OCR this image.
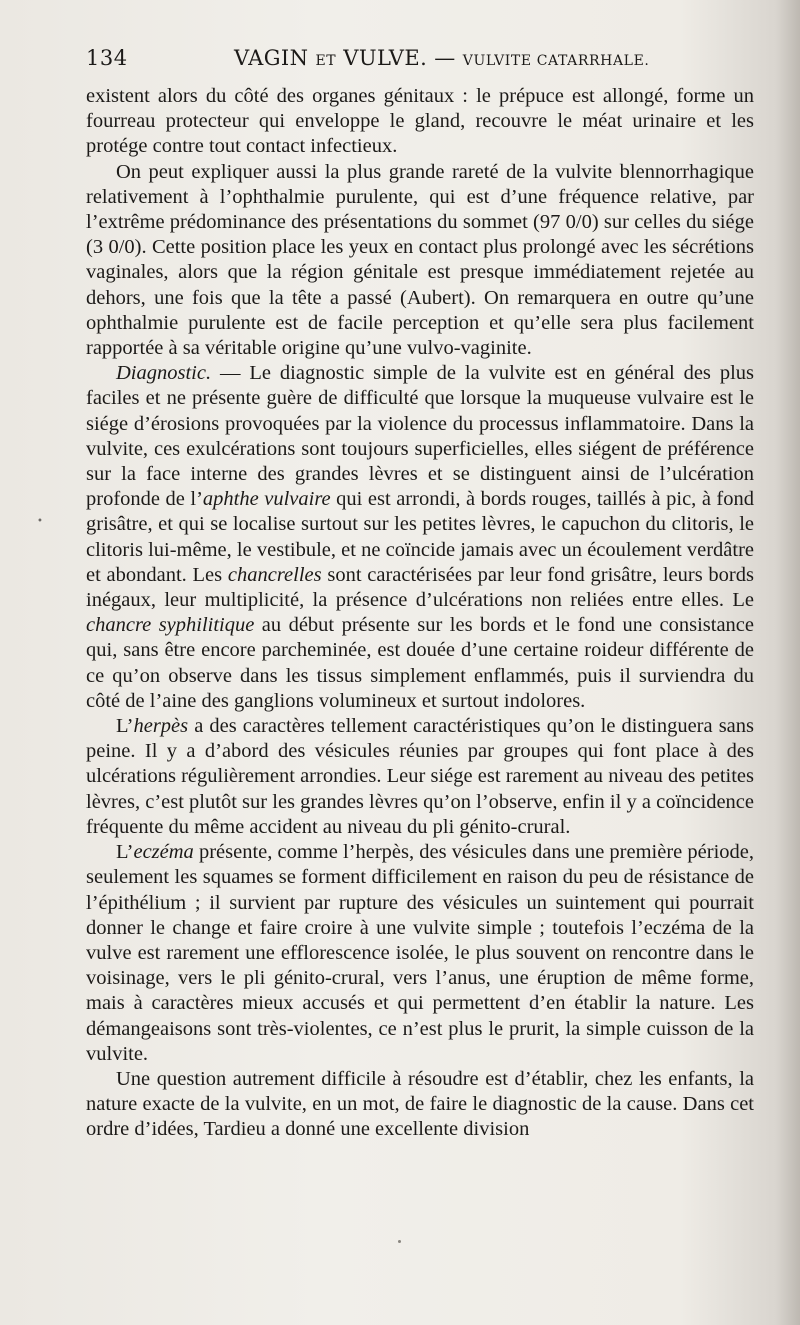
134	VAGIN ET VULVE. — VULVITE CATARRHALE.

existent alors du côté des organes génitaux : le prépuce est allongé, forme un fourreau protecteur qui enveloppe le gland, recouvre le méat urinaire et les protége contre tout contact infectieux.

On peut expliquer aussi la plus grande rareté de la vulvite blennorrhagique relativement à l’ophthalmie purulente, qui est d’une fréquence relative, par l’extrême prédominance des présentations du sommet (97 0/0) sur celles du siége (3 0/0). Cette position place les yeux en contact plus prolongé avec les sécrétions vaginales, alors que la région génitale est presque immédiatement rejetée au dehors, une fois que la tête a passé (Aubert). On remarquera en outre qu’une ophthalmie purulente est de facile perception et qu’elle sera plus facilement rapportée à sa véritable origine qu’une vulvo-vaginite.

Diagnostic. — Le diagnostic simple de la vulvite est en général des plus faciles et ne présente guère de difficulté que lorsque la muqueuse vulvaire est le siége d’érosions provoquées par la violence du processus inflammatoire. Dans la vulvite, ces exulcérations sont toujours superficielles, elles siégent de préférence sur la face interne des grandes lèvres et se distinguent ainsi de l’ulcération profonde de l’aphthe vulvaire qui est arrondi, à bords rouges, taillés à pic, à fond grisâtre, et qui se localise surtout sur les petites lèvres, le capuchon du clitoris, le clitoris lui-même, le vestibule, et ne coïncide jamais avec un écoulement verdâtre et abondant. Les chancrelles sont caractérisées par leur fond grisâtre, leurs bords inégaux, leur multiplicité, la présence d’ulcérations non reliées entre elles. Le chancre syphilitique au début présente sur les bords et le fond une consistance qui, sans être encore parcheminée, est douée d’une certaine roideur différente de ce qu’on observe dans les tissus simplement enflammés, puis il surviendra du côté de l’aine des ganglions volumineux et surtout indolores.

L’herpès a des caractères tellement caractéristiques qu’on le distinguera sans peine. Il y a d’abord des vésicules réunies par groupes qui font place à des ulcérations régulièrement arrondies. Leur siége est rarement au niveau des petites lèvres, c’est plutôt sur les grandes lèvres qu’on l’observe, enfin il y a coïncidence fréquente du même accident au niveau du pli génito-crural.

L’eczéma présente, comme l’herpès, des vésicules dans une première période, seulement les squames se forment difficilement en raison du peu de résistance de l’épithélium ; il survient par rupture des vésicules un suintement qui pourrait donner le change et faire croire à une vulvite simple ; toutefois l’eczéma de la vulve est rarement une efflorescence isolée, le plus souvent on rencontre dans le voisinage, vers le pli génito-crural, vers l’anus, une éruption de même forme, mais à caractères mieux accusés et qui permettent d’en établir la nature. Les démangeaisons sont très-violentes, ce n’est plus le prurit, la simple cuisson de la vulvite.

Une question autrement difficile à résoudre est d’établir, chez les enfants, la nature exacte de la vulvite, en un mot, de faire le diagnostic de la cause. Dans cet ordre d’idées, Tardieu a donné une excellente division

•
